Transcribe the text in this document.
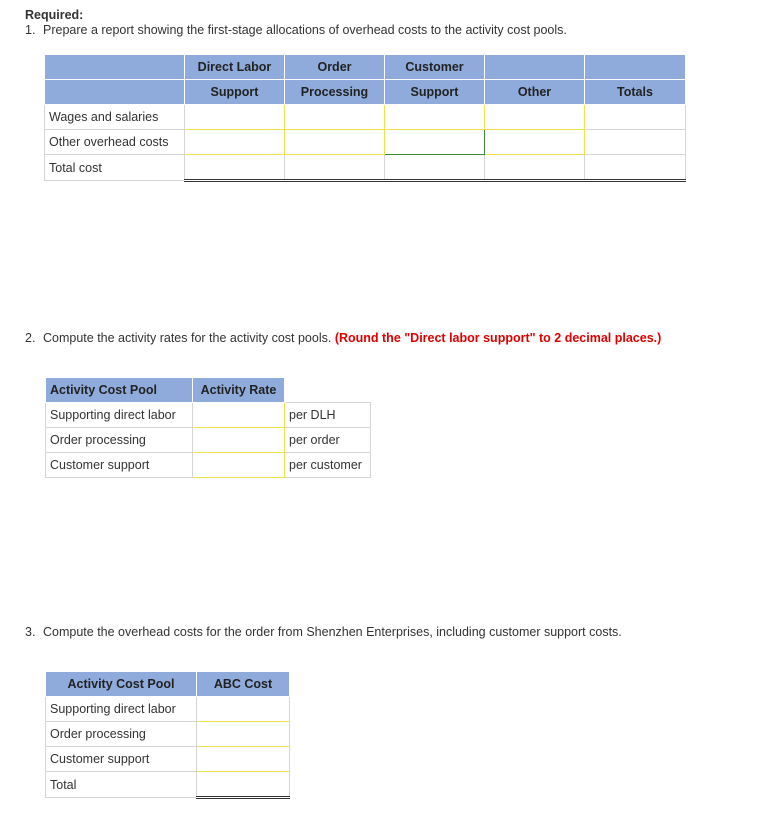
Required:
1. Prepare a report showing the first-stage allocations of overhead costs to the activity cost pools.
	Direct Labor	Order	Customer		
	Support	Processing	Support	Other	Totals
Wages and salaries					
Other overhead costs					
Total cost					
2. Compute the activity rates for the activity cost pools. (Round the "Direct labor support" to 2 decimal places.)
Activity Cost Pool	Activity Rate	
Supporting direct labor		per DLH
Order processing		per order
Customer support		per customer
3. Compute the overhead costs for the order from Shenzhen Enterprises, including customer support costs.
Activity Cost Pool	ABC Cost
Supporting direct labor	
Order processing	
Customer support	
Total	
